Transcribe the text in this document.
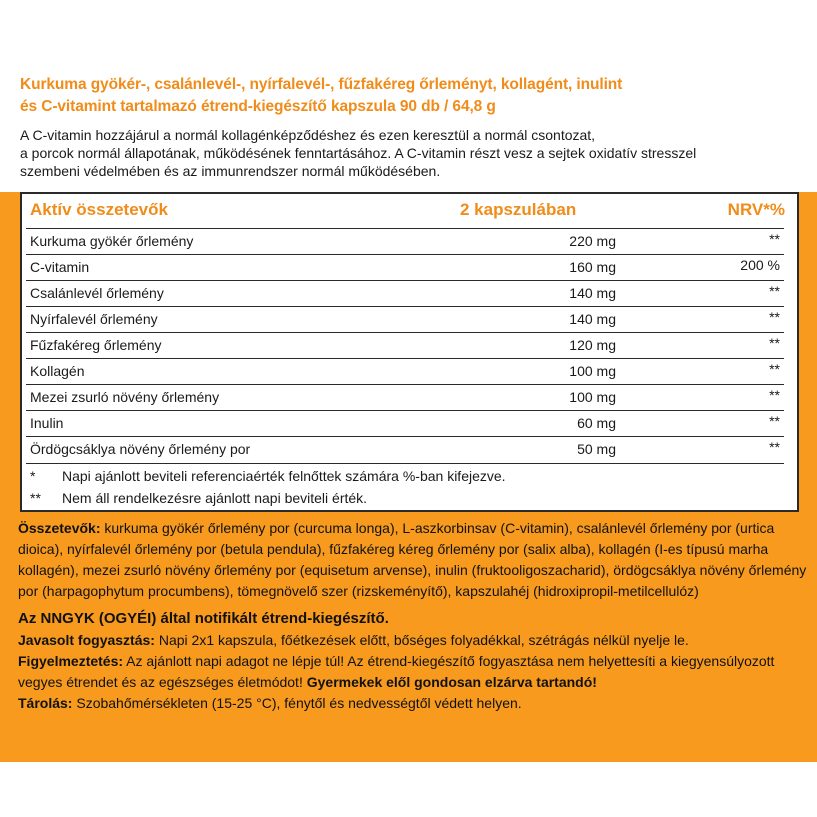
Kurkuma gyökér-, csalánlevél-, nyírfalevél-, fűzfakéreg őrleményt, kollagént, inulint
és C-vitamint tartalmazó étrend-kiegészítő kapszula 90 db / 64,8 g
A C-vitamin hozzájárul a normál kollagénképződéshez és ezen keresztül a normál csontozat,
a porcok normál állapotának, működésének fenntartásához. A C-vitamin részt vesz a sejtek oxidatív stresszel
szembeni védelmében és az immunrendszer normál működésében.
Aktív összetevők	2 kapszulában	NRV*%
Kurkuma gyökér őrlemény	220 mg	**
C-vitamin	160 mg	200 %
Csalánlevél őrlemény	140 mg	**
Nyírfalevél őrlemény	140 mg	**
Fűzfakéreg őrlemény	120 mg	**
Kollagén	100 mg	**
Mezei zsurló növény őrlemény	100 mg	**
Inulin	60 mg	**
Ördögcsáklya növény őrlemény por	50 mg	**
* Napi ajánlott beviteli referenciaérték felnőttek számára %-ban kifejezve.
** Nem áll rendelkezésre ajánlott napi beviteli érték.
Összetevők: kurkuma gyökér őrlemény por (curcuma longa), L-aszkorbinsav (C-vitamin), csalánlevél őrlemény por (urtica dioica), nyírfalevél őrlemény por (betula pendula), fűzfakéreg kéreg őrlemény por (salix alba), kollagén (I-es típusú marha kollagén), mezei zsurló növény őrlemény por (equisetum arvense), inulin (fruktooligoszacharid), ördögcsáklya növény őrlemény por (harpagophytum procumbens), tömegnövelő szer (rizskeményítő), kapszulahéj (hidroxipropil-metilcellulóz)
Az NNGYK (OGYÉI) által notifikált étrend-kiegészítő.
Javasolt fogyasztás: Napi 2x1 kapszula, főétkezések előtt, bőséges folyadékkal, szétrágás nélkül nyelje le.
Figyelmeztetés: Az ajánlott napi adagot ne lépje túl! Az étrend-kiegészítő fogyasztása nem helyettesíti a kiegyensúlyozott vegyes étrendet és az egészséges életmódot! Gyermekek elől gondosan elzárva tartandó!
Tárolás: Szobahőmérsékleten (15-25 °C), fénytől és nedvességtől védett helyen.
